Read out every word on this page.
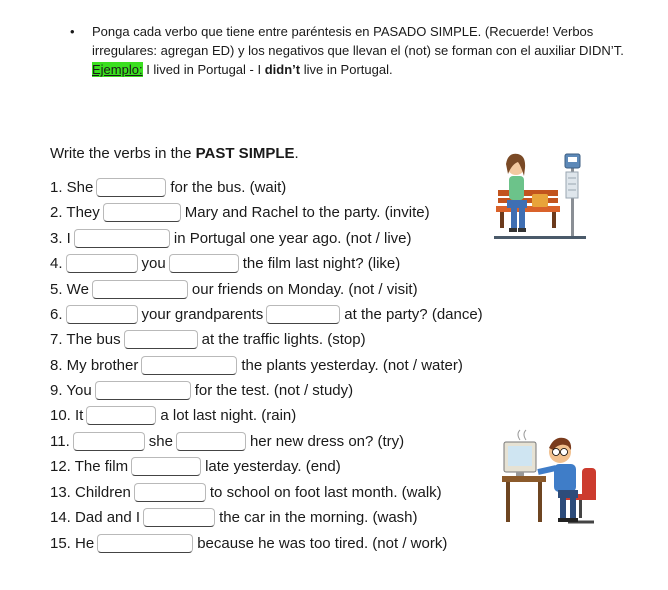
• Ponga cada verbo que tiene entre paréntesis en PASADO SIMPLE. (Recuerde! Verbos irregulares: agregan ED) y los negativos que llevan el (not) se forman con el auxiliar DIDN’T.
Ejemplo: I lived in Portugal - I didn’t live in Portugal.
Write the verbs in the PAST SIMPLE.
1. She	for the bus. (wait)
2. They	Mary and Rachel to the party. (invite)
3. I	in Portugal one year ago. (not / live)
4.	you	the film last night? (like)
5. We	our friends on Monday. (not / visit)
6.	your grandparents	at the party? (dance)
7. The bus	at the traffic lights. (stop)
8. My brother	the plants yesterday. (not / water)
9. You	for the test. (not / study)
10. It	a lot last night. (rain)
11.	she	her new dress on? (try)
12. The film	late yesterday. (end)
13. Children	to school on foot last month. (walk)
14. Dad and I	the car in the morning. (wash)
15. He	because he was too tired. (not / work)
